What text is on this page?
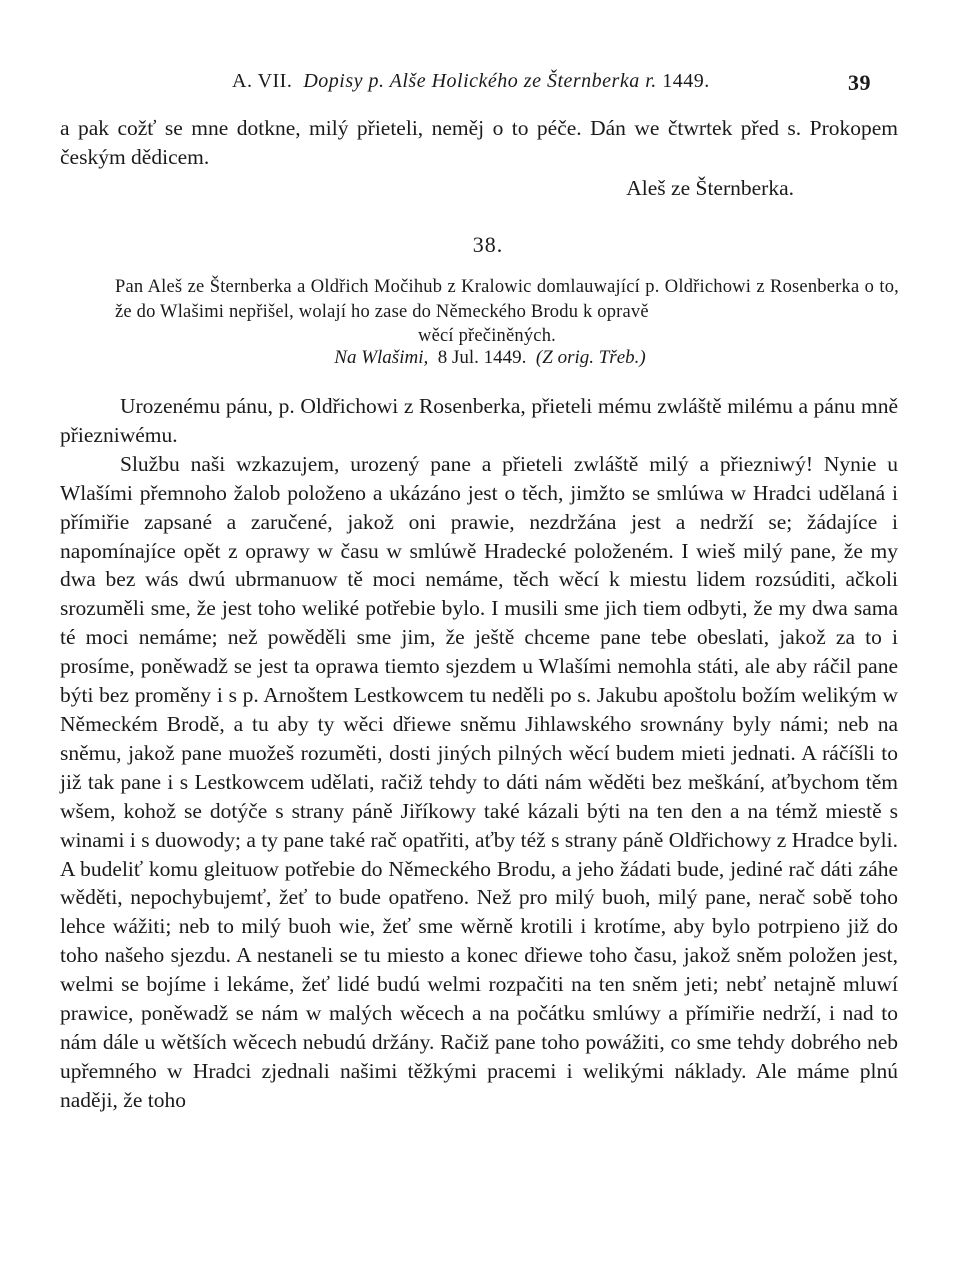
A. VII. Dopisy p. Alše Holického ze Šternberka r. 1449.	39
a pak cožť se mne dotkne, milý přieteli, neměj o to péče. Dán we čtwrtek před s. Prokopem českým dědicem.
Aleš ze Šternberka.
38.
Pan Aleš ze Šternberka a Oldřich Močihub z Kralowic domlauwající p. Oldřichowi z Rosenberka o to, že do Wlašimi nepřišel, wolají ho zase do Německého Brodu k opravě
wěcí přečiněných.
Na Wlašimi, 8 Jul. 1449. (Z orig. Třeb.)

Urozenému pánu, p. Oldřichowi z Rosenberka, přieteli mému zwláště milému a pánu mně přiezniwému.

Službu naši wzkazujem, urozený pane a přieteli zwláště milý a přiezniwý! Nynie u Wlašími přemnoho žalob položeno a ukázáno jest o těch, jimžto se smlúwa w Hradci udělaná i přímiřie zapsané a zaručené, jakož oni prawie, nezdržána jest a nedrží se; žádajíce i napomínajíce opět z oprawy w času w smlúwě Hradecké položeném. I wieš milý pane, že my dwa bez wás dwú ubrmanuow tě moci nemáme, těch wěcí k miestu lidem rozsúditi, ačkoli srozuměli sme, že jest toho weliké potřebie bylo. I musili sme jich tiem odbyti, že my dwa sama té moci nemáme; než powěděli sme jim, že ještě chceme pane tebe obeslati, jakož za to i prosíme, poněwadž se jest ta oprawa tiemto sjezdem u Wlašími nemohla státi, ale aby ráčil pane býti bez proměny i s p. Arnoštem Lestkowcem tu neděli po s. Jakubu apoštolu božím welikým w Německém Brodě, a tu aby ty wěci dřiewe sněmu Jihlawského srownány byly námi; neb na sněmu, jakož pane muožeš rozuměti, dosti jiných pilných wěcí budem mieti jednati. A ráčíšli to již tak pane i s Lestkowcem udělati, račiž tehdy to dáti nám wěděti bez meškání, aťbychom těm wšem, kohož se dotýče s strany páně Jiříkowy také kázali býti na ten den a na témž miestě s winami i s duowody; a ty pane také rač opatřiti, aťby též s strany páně Oldřichowy z Hradce byli. A budeliť komu gleituow potřebie do Německého Brodu, a jeho žádati bude, jediné rač dáti záhe wěděti, nepochybujemť, žeť to bude opatřeno. Než pro milý buoh, milý pane, nerač sobě toho lehce wážiti; neb to milý buoh wie, žeť sme wěrně krotili i krotíme, aby bylo potrpieno již do toho našeho sjezdu. A nestaneli se tu miesto a konec dřiewe toho času, jakož sněm položen jest, welmi se bojíme i lekáme, žeť lidé budú welmi rozpačiti na ten sněm jeti; nebť netajně mluwí prawice, poněwadž se nám w malých wěcech a na počátku smlúwy a přímiřie nedrží, i nad to nám dále u wětších wěcech nebudú držány. Račiž pane toho powážiti, co sme tehdy dobrého neb upřemného w Hradci zjednali našimi těžkými pracemi i welikými náklady. Ale máme plnú naději, že toho
